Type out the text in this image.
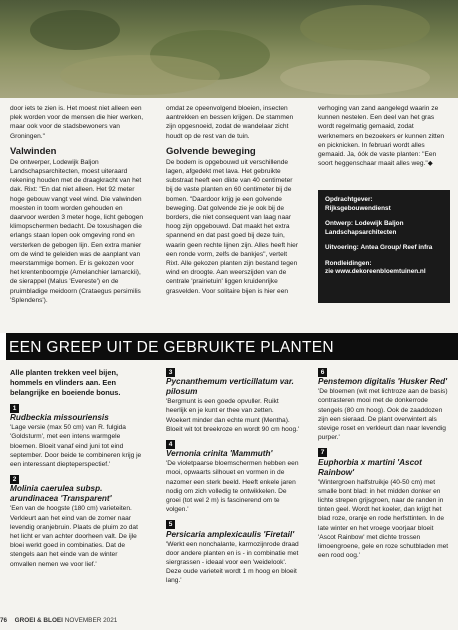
door iets te zien is. Het moest niet alleen een plek worden voor de mensen die hier werken, maar ook voor de stadsbewoners van Groningen."

Valwinden

De ontwerper, Lodewijk Baljon Landschapsarchitecten, moest uiteraard rekening houden met de draagkracht van het dak. Rixt: "En dat niet alleen. Het 92 meter hoge gebouw vangt veel wind. Die valwinden moesten in toom worden gehouden en daarvoor werden 3 meter hoge, licht gebogen klimopschermen bedacht. De toxushagen die erlangs staan lopen ook omgeving rond en versterken de gebogen lijn. Een extra manier om de wind te geleiden was de aanplant van meerstammige bomen. Er is gekozen voor het krentenboompje (Amelanchier lamarckii), de sierappel (Malus 'Evereste') en de pruimbladige meidoorn (Crataegus persimilis 'Splendens').

omdat ze opeenvolgend bloeien, insecten aantrekken en bessen krijgen. De stammen zijn opgesnoeid, zodat de wandelaar zicht houdt op de rest van de tuin.

Golvende beweging

De bodem is opgebouwd uit verschillende lagen, afgedekt met lava. Het gebruikte substraat heeft een dikte van 40 centimeter bij de vaste planten en 60 centimeter bij de bomen. "Daardoor krijg je een golvende beweging. Dat golvende zie je ook bij de borders, die niet consequent van laag naar hoog zijn opgebouwd. Dat maakt het extra spannend en dat past goed bij deze tuin, waarin geen rechte lijnen zijn. Alles heeft hier een ronde vorm, zelfs de bankjes", vertelt Rixt. Alle gekozen planten zijn bestand tegen wind en droogte. Aan weerszijden van de centrale 'prairietuin' liggen kruidenrijke grasvelden. Voor solitaire bijen is hier een

verhoging van zand aangelegd waarin ze kunnen nestelen. Een deel van het gras wordt regelmatig gemaaid, zodat werknemers en bezoekers er kunnen zitten en picknicken. In februari wordt alles gemaaid. Ja, óók de vaste planten: "Een soort heggenschaar maait alles weg."◆

Opdrachtgever:
Rijksgebouwendienst
Ontwerp: Lodewijk Baljon Landschapsarchitecten
Uitvoering: Antea Group/ Reef infra
Rondleidingen:
zie www.dekoreenbloemtuinen.nl
EEN GREEP UIT DE GEBRUIKTE PLANTEN
Alle planten trekken veel bijen, hommels en vlinders aan. Een belangrijke en boeiende bonus.
1
Rudbeckia missouriensis
'Lage versie (max 50 cm) van R. fulgida 'Goldsturm', met een intens warmgele bloemen. Bloeit vanaf eind juni tot eind september. Door beide te combineren krijg je een interessant diepteperspectief.'
2
Molinia caerulea subsp. arundinacea 'Transparent'
'Een van de hoogste (180 cm) varieteiten. Verkleurt aan het eind van de zomer naar levendig oranjebruin. Plaats de pluim zo dat het licht er van achter doorheen valt. De ijle bloei werkt goed in combinaties. Dat de stengels aan het einde van de winter omvallen nemen we voor lief.'
3
Pycnanthemum verticillatum var. pilosum
'Bergmunt is een goede opvuller. Ruikt heerlijk en je kunt er thee van zetten. Woekert minder dan echte munt (Mentha). Bloeit wit tot breekroze en wordt 90 cm hoog.'
4
Vernonia crinita 'Mammuth'
'De violetpaarse bloemschermen hebben een mooi, opwaarts silhouet en vormen in de nazomer een sterk beeld. Heeft enkele jaren nodig om zich volledig te ontwikkelen. De groei (tot wel 2 m) is fascinerend om te volgen.'
5
Persicaria amplexicaulis 'Firetail'
'Werkt een nonchalante, karmozijnrode draad door andere planten en is - in combinatie met siergrassen - ideaal voor een 'weidelook'. Deze oude varieteit wordt 1 m hoog en bloeit lang.'
6
Penstemon digitalis 'Husker Red'
'De bloemen (wit met lichtroze aan de basis) contrasteren mooi met de donkerrode stengels (80 cm hoog). Ook de zaaddozen zijn een sieraad. De plant overwintert als stevige roset en verkleurt dan naar levendig purper.'
7
Euphorbia x martini 'Ascot Rainbow'
'Wintergroen halfstruikje (40-50 cm) met smalle bont blad: in het midden donker en lichte strepen grijsgroen, naar de randen in tinten geel. Wordt het koeler, dan krijgt het blad roze, oranje en rode herfsttinten. In de late winter en het vroege voorjaar bloeit 'Ascot Rainbow' met dichte trossen limoengroene, gele en roze schutbladen met een rood oog.'
76 GROEI & BLOEI NOVEMBER 2021
